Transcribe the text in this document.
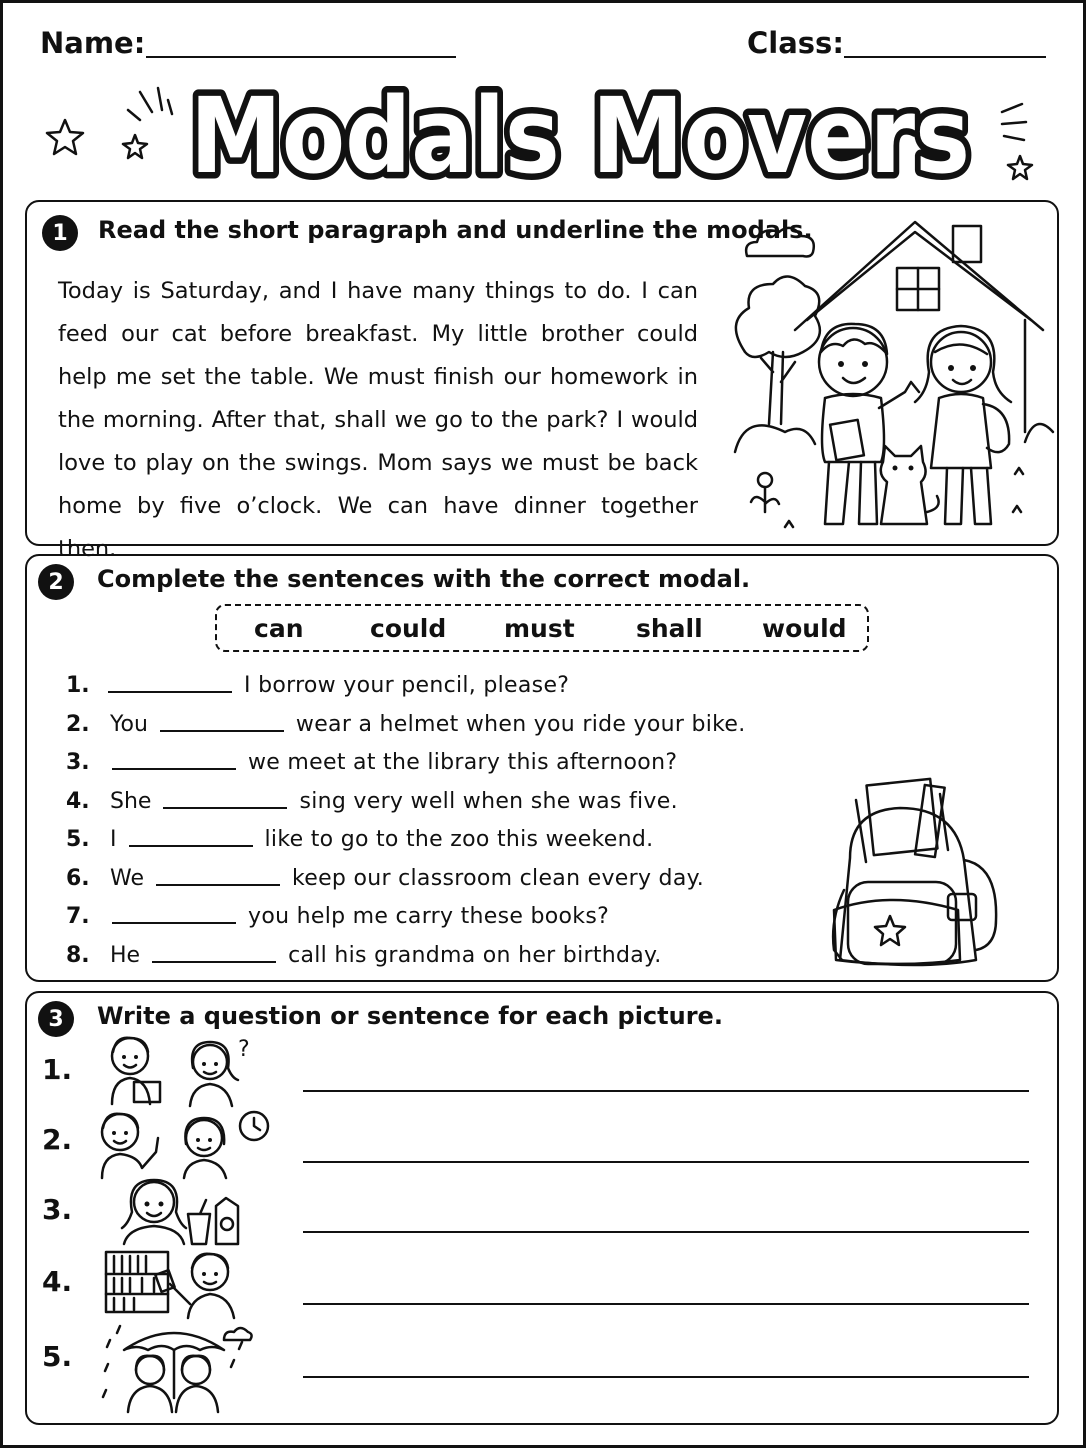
Name:	Class:
Modals Movers
1	Read the short paragraph and underline the modals.
Today is Saturday, and I have many things to do. I can feed our cat before breakfast. My little brother could help me set the table. We must finish our homework in the morning. After that, shall we go to the park? I would love to play on the swings. Mom says we must be back home by five o’clock. We can have dinner together then.
2	Complete the sentences with the correct modal.
can	could must shall would
1.	I borrow your pencil, please?
2. You	wear a helmet when you ride your bike.
3.	we meet at the library this afternoon?
4. She	sing very well when she was five.
5. I	like to go to the zoo this weekend.
6. We	keep our classroom clean every day.
7.	you help me carry these books?
8. He	call his grandma on her birthday.
3	Write a question or sentence for each picture.
1.
2.
3.
4.
5.
?
